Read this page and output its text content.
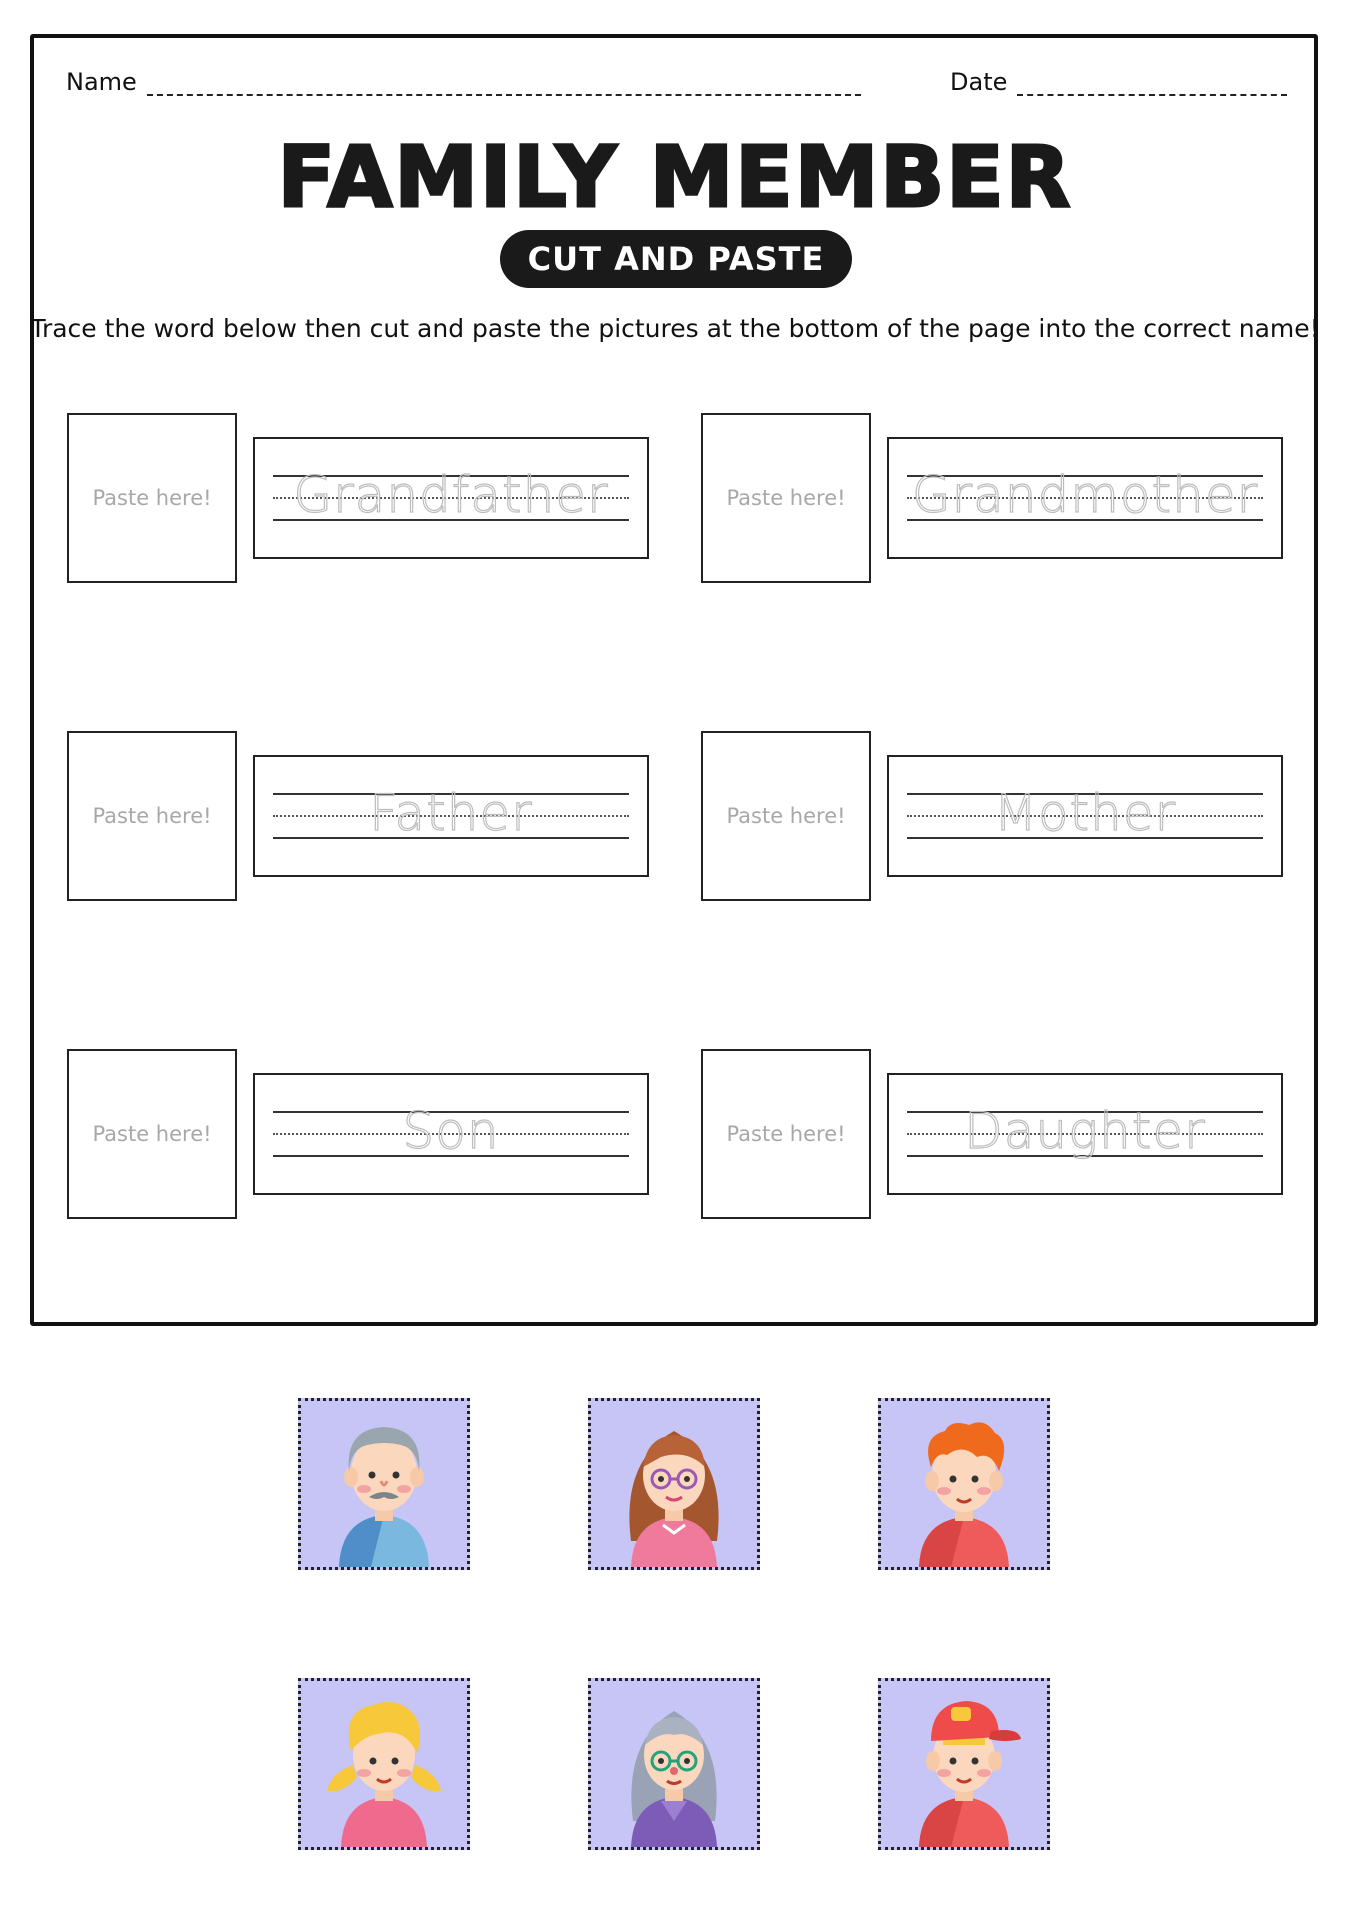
Name	Date
FAMILY MEMBER
CUT AND PASTE
Trace the word below then cut and paste the pictures at the bottom of the page into the correct name!
Paste here!	Grandfather	Paste here!	Grandmother
Paste here!	Father	Paste here!	Mother
Paste here!	Son	Paste here!	Daughter
